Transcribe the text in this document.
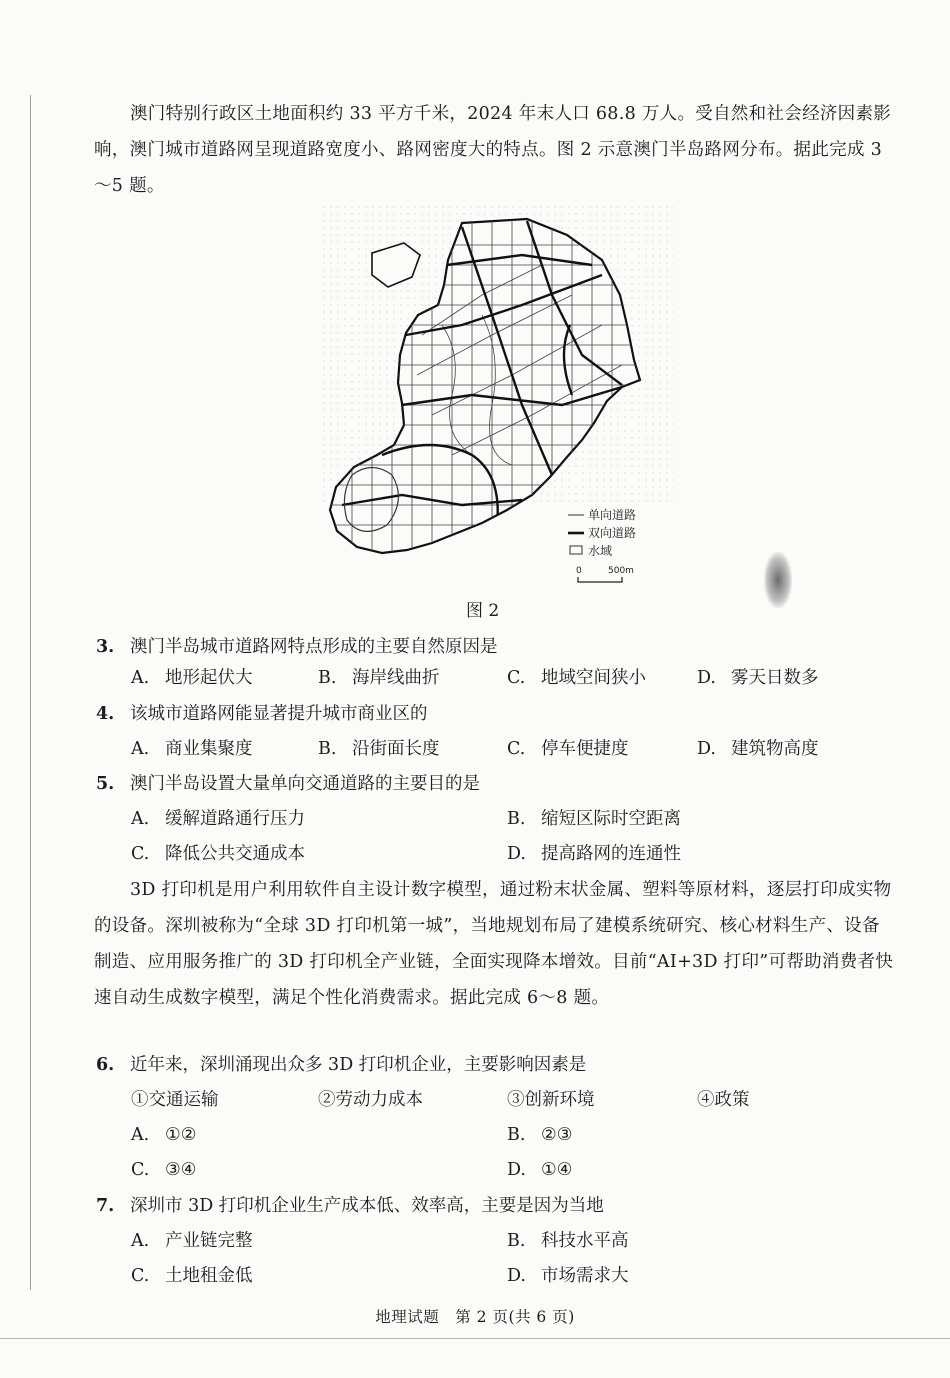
澳门特别行政区土地面积约 33 平方千米，2024 年末人口 68.8 万人。受自然和社会经济因素影响，澳门城市道路网呈现道路宽度小、路网密度大的特点。图 2 示意澳门半岛路网分布。据此完成 3～5 题。
单向道路
双向道路
水域
0	500m
图 2
3. 澳门半岛城市道路网特点形成的主要自然原因是
A. 地形起伏大	B. 海岸线曲折	C. 地域空间狭小	D. 雾天日数多
4. 该城市道路网能显著提升城市商业区的
A. 商业集聚度	B. 沿街面长度	C. 停车便捷度	D. 建筑物高度
5. 澳门半岛设置大量单向交通道路的主要目的是
A. 缓解道路通行压力	B. 缩短区际时空距离
C. 降低公共交通成本	D. 提高路网的连通性
3D 打印机是用户利用软件自主设计数字模型，通过粉末状金属、塑料等原材料，逐层打印成实物的设备。深圳被称为“全球 3D 打印机第一城”，当地规划布局了建模系统研究、核心材料生产、设备制造、应用服务推广的 3D 打印机全产业链，全面实现降本增效。目前“AI+3D 打印”可帮助消费者快速自动生成数字模型，满足个性化消费需求。据此完成 6～8 题。
6. 近年来，深圳涌现出众多 3D 打印机企业，主要影响因素是
①交通运输	②劳动力成本	③创新环境	④政策
A. ①②	B. ②③
C. ③④	D. ①④
7. 深圳市 3D 打印机企业生产成本低、效率高，主要是因为当地
A. 产业链完整	B. 科技水平高
C. 土地租金低	D. 市场需求大
地理试题　第 2 页(共 6 页)
